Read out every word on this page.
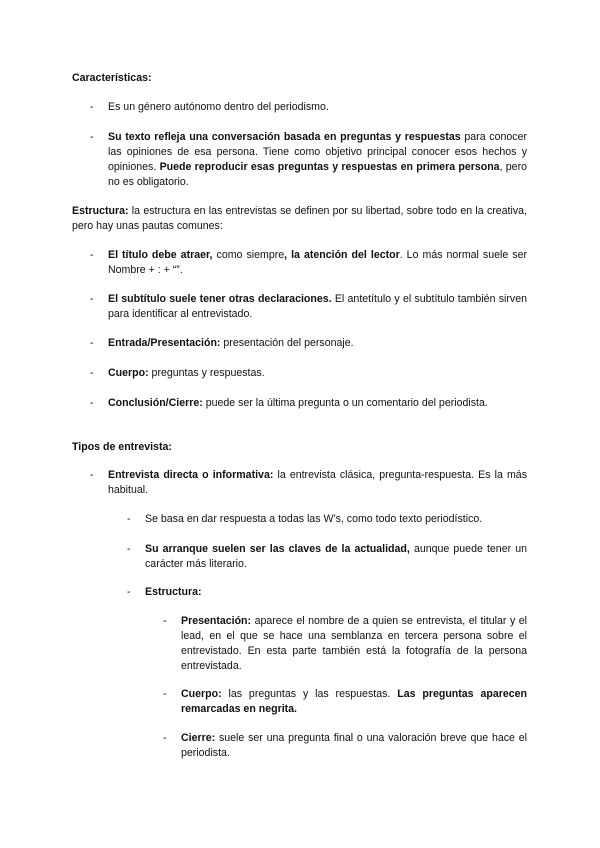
Características:
- Es un género autónomo dentro del periodismo.
- Su texto refleja una conversación basada en preguntas y respuestas para conocer las opiniones de esa persona. Tiene como objetivo principal conocer esos hechos y opiniones. Puede reproducir esas preguntas y respuestas en primera persona, pero no es obligatorio.
Estructura: la estructura en las entrevistas se definen por su libertad, sobre todo en la creativa, pero hay unas pautas comunes:
- El título debe atraer, como siempre, la atención del lector. Lo más normal suele ser Nombre + : + “”.
- El subtítulo suele tener otras declaraciones. El antetítulo y el subtítulo también sirven para identificar al entrevistado.
- Entrada/Presentación: presentación del personaje.
- Cuerpo: preguntas y respuestas.
- Conclusión/Cierre: puede ser la última pregunta o un comentario del periodista.
Tipos de entrevista:
- Entrevista directa o informativa: la entrevista clásica, pregunta-respuesta. Es la más habitual.
- Se basa en dar respuesta a todas las W’s, como todo texto periodístico.
- Su arranque suelen ser las claves de la actualidad, aunque puede tener un carácter más literario.
- Estructura:
- Presentación: aparece el nombre de a quien se entrevista, el titular y el lead, en el que se hace una semblanza en tercera persona sobre el entrevistado. En esta parte también está la fotografía de la persona entrevistada.
- Cuerpo: las preguntas y las respuestas. Las preguntas aparecen remarcadas en negrita.
- Cierre: suele ser una pregunta final o una valoración breve que hace el periodista.
